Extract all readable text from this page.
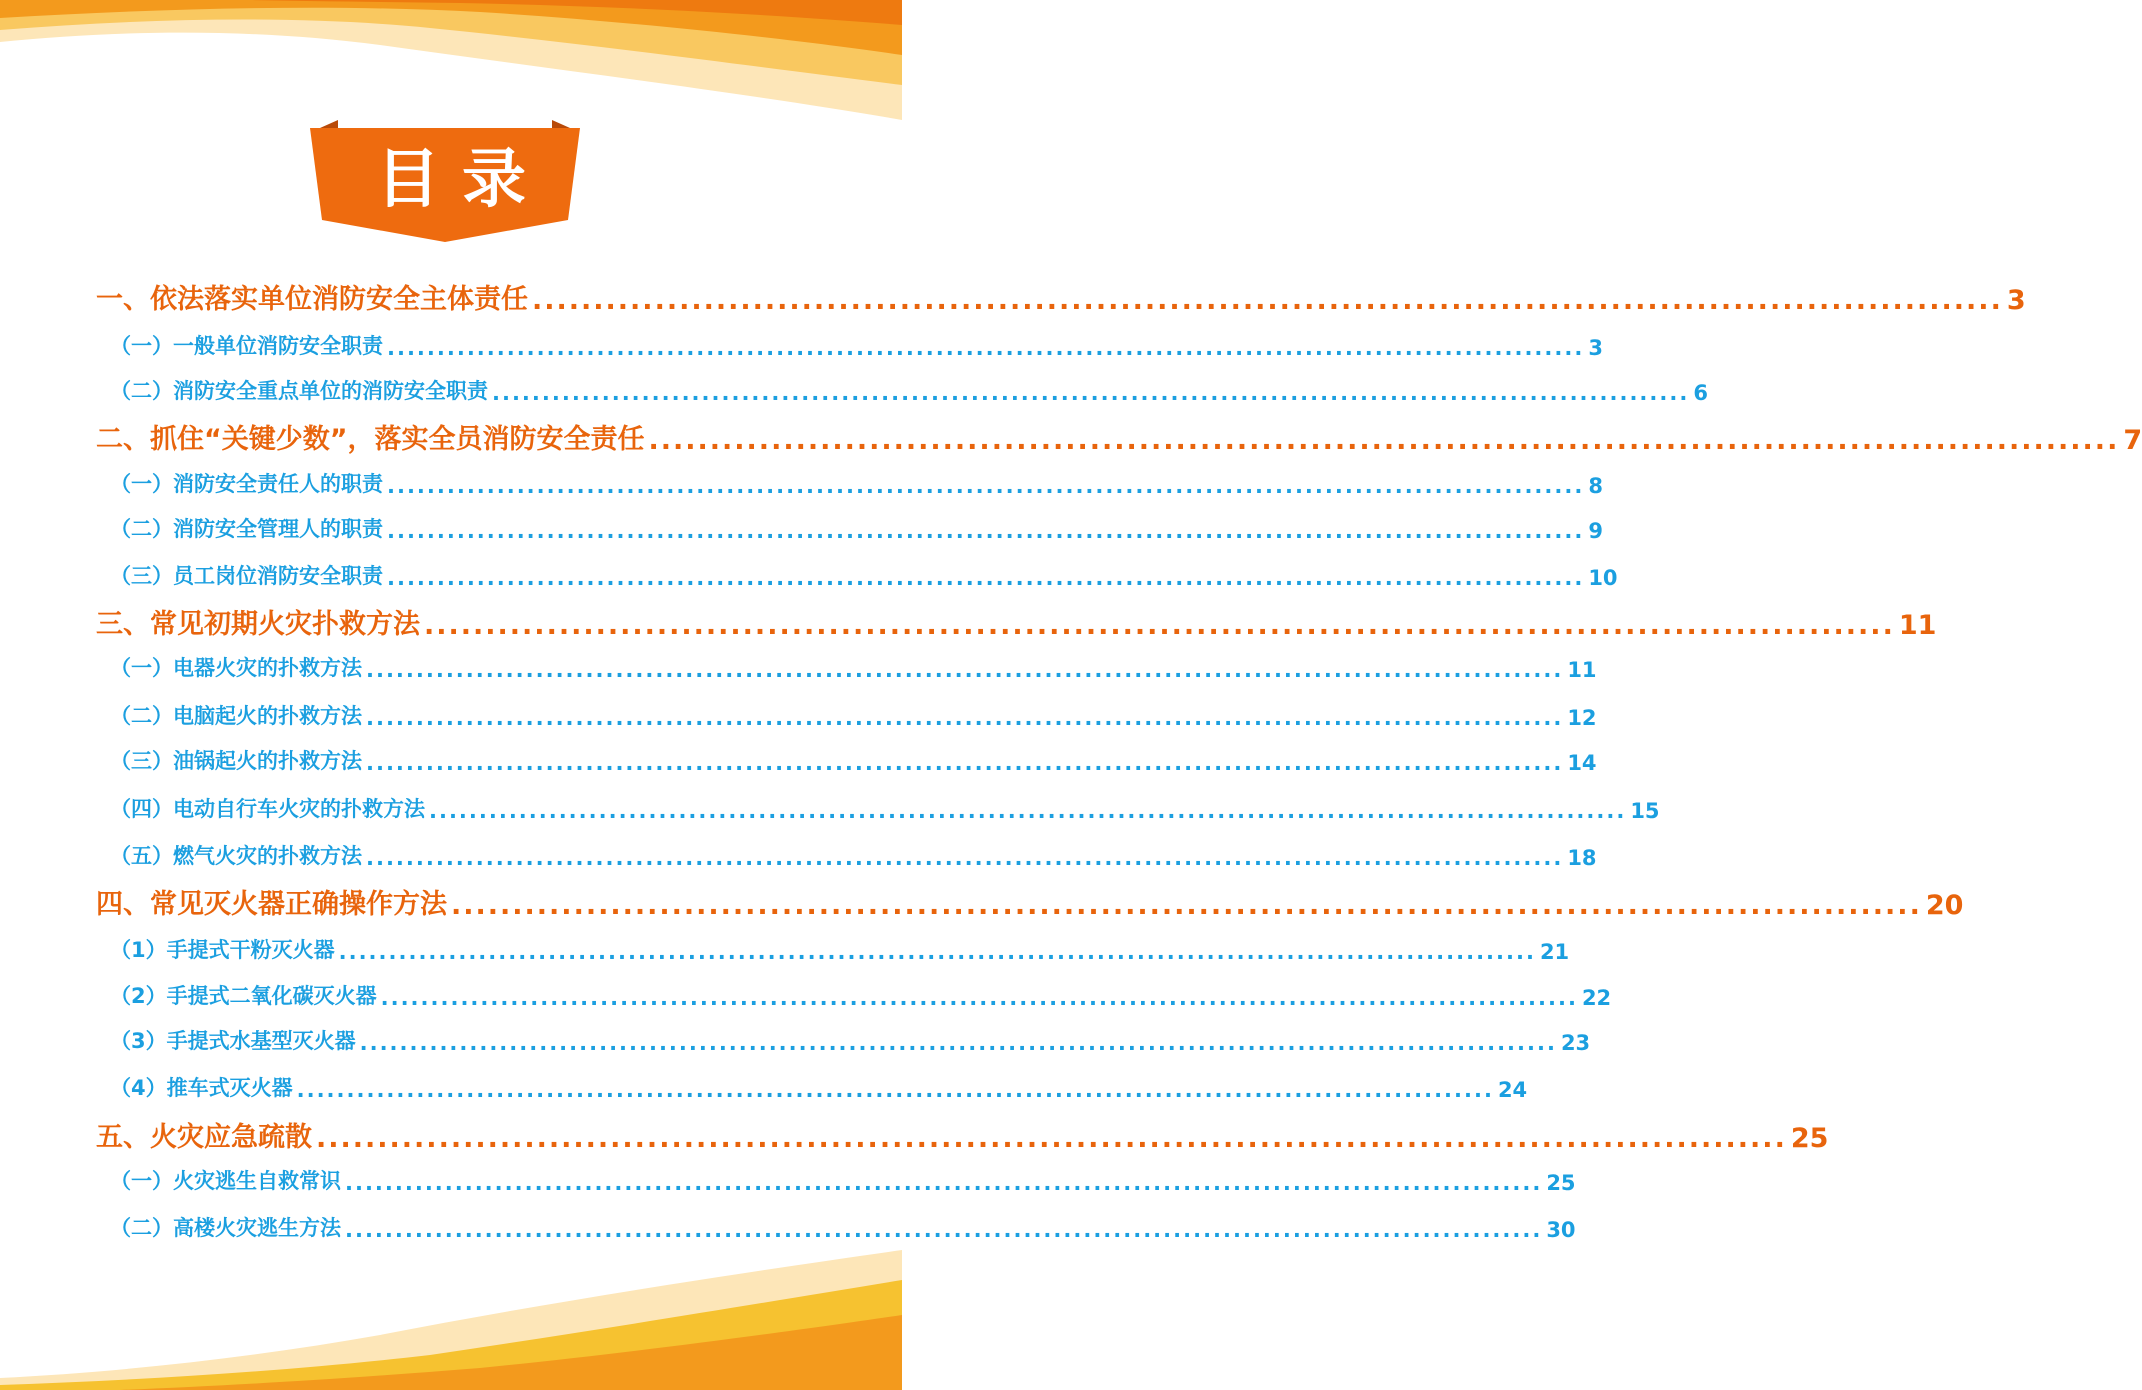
目录
一、依法落实单位消防安全主体责任 ........................................................................................................................ 3
（一）一般单位消防安全职责 ........................................................................................................................ 3
（二）消防安全重点单位的消防安全职责 ........................................................................................................................ 6
二、抓住“关键少数”，落实全员消防安全责任 ........................................................................................................................ 7
（一）消防安全责任人的职责 ........................................................................................................................ 8
（二）消防安全管理人的职责 ........................................................................................................................ 9
（三）员工岗位消防安全职责 ........................................................................................................................ 10
三、常见初期火灾扑救方法 ........................................................................................................................ 11
（一）电器火灾的扑救方法 ........................................................................................................................ 11
（二）电脑起火的扑救方法 ........................................................................................................................ 12
（三）油锅起火的扑救方法 ........................................................................................................................ 14
（四）电动自行车火灾的扑救方法 ........................................................................................................................ 15
（五）燃气火灾的扑救方法 ........................................................................................................................ 18
四、常见灭火器正确操作方法 ........................................................................................................................ 20
（1）手提式干粉灭火器 ........................................................................................................................ 21
（2）手提式二氧化碳灭火器 ........................................................................................................................ 22
（3）手提式水基型灭火器 ........................................................................................................................ 23
（4）推车式灭火器 ........................................................................................................................ 24
五、火灾应急疏散 ........................................................................................................................ 25
（一）火灾逃生自救常识 ........................................................................................................................ 25
（二）高楼火灾逃生方法 ........................................................................................................................ 30
